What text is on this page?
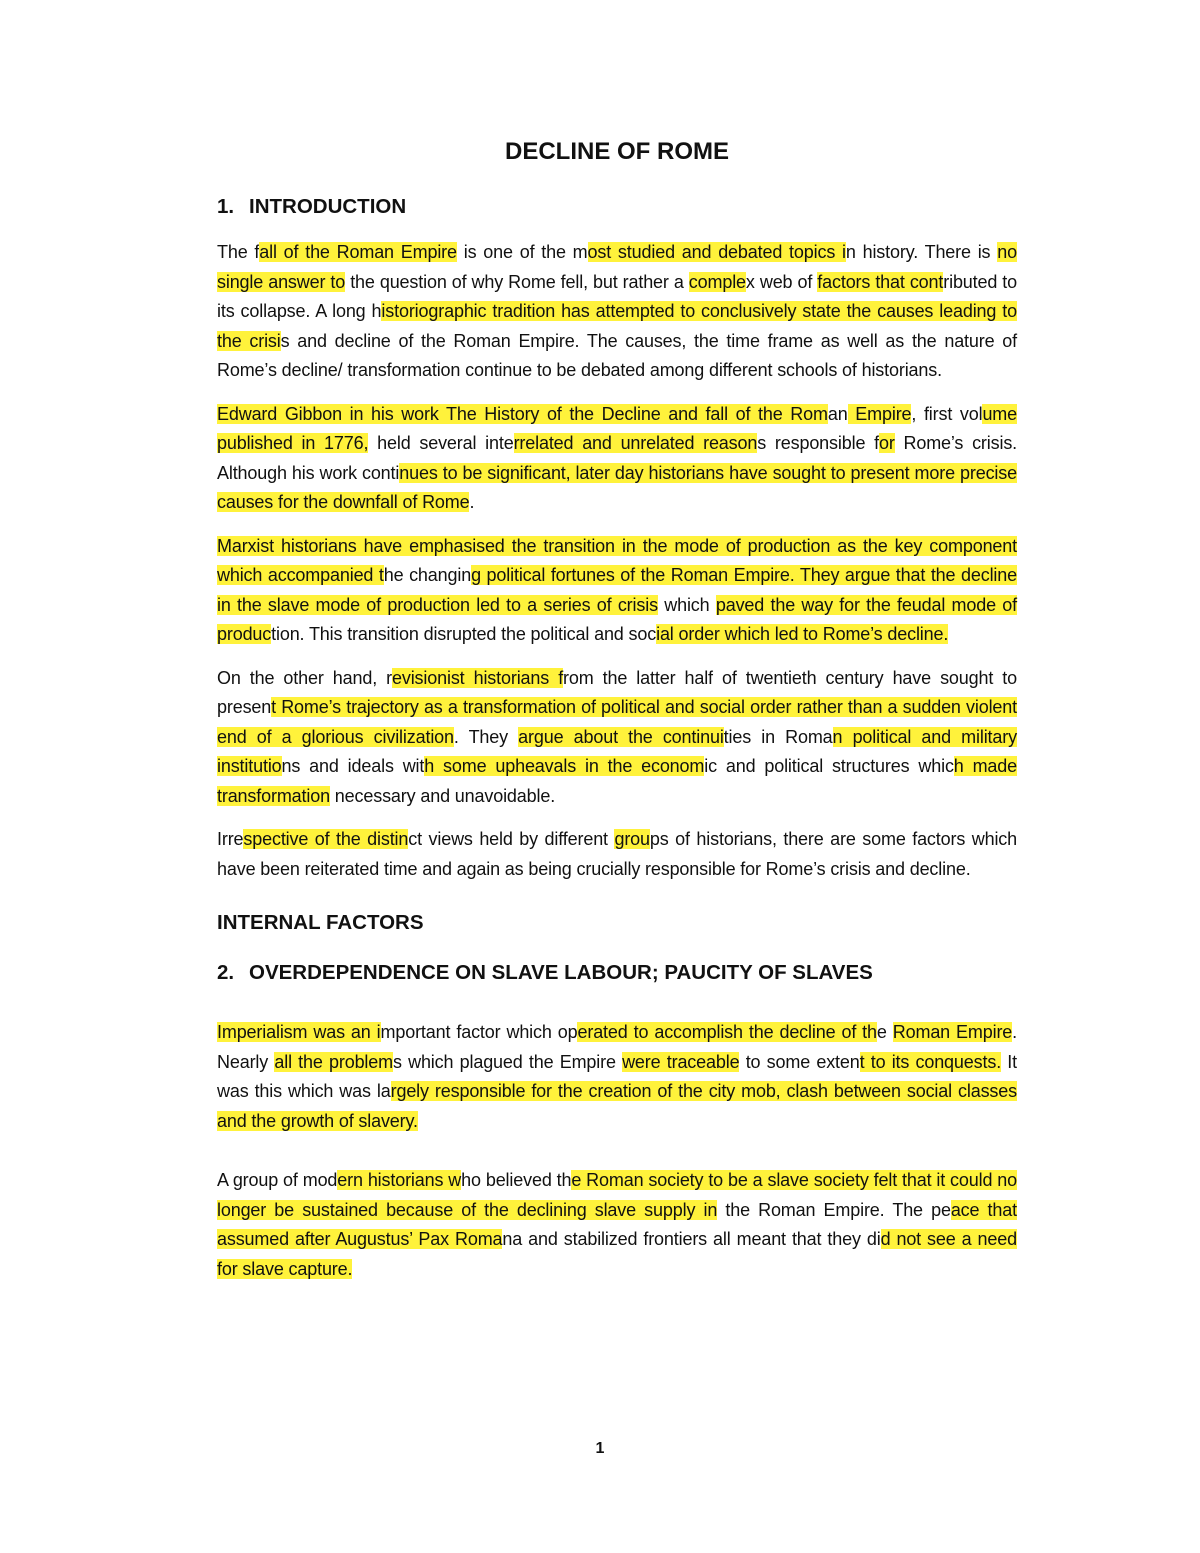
DECLINE OF ROME
1. INTRODUCTION

The fall of the Roman Empire is one of the most studied and debated topics in history. There is no single answer to the question of why Rome fell, but rather a complex web of factors that contributed to its collapse. A long historiographic tradition has attempted to conclusively state the causes leading to the crisis and decline of the Roman Empire. The causes, the time frame as well as the nature of Rome’s decline/ transformation continue to be debated among different schools of historians.

Edward Gibbon in his work The History of the Decline and fall of the Roman Empire, first volume published in 1776, held several interrelated and unrelated reasons responsible for Rome’s crisis. Although his work continues to be significant, later day historians have sought to present more precise causes for the downfall of Rome.

Marxist historians have emphasised the transition in the mode of production as the key component which accompanied the changing political fortunes of the Roman Empire. They argue that the decline in the slave mode of production led to a series of crisis which paved the way for the feudal mode of production. This transition disrupted the political and social order which led to Rome’s decline.

On the other hand, revisionist historians from the latter half of twentieth century have sought to present Rome’s trajectory as a transformation of political and social order rather than a sudden violent end of a glorious civilization. They argue about the continuities in Roman political and military institutions and ideals with some upheavals in the economic and political structures which made transformation necessary and unavoidable.

Irrespective of the distinct views held by different groups of historians, there are some factors which have been reiterated time and again as being crucially responsible for Rome’s crisis and decline.

INTERNAL FACTORS
2. OVERDEPENDENCE ON SLAVE LABOUR; PAUCITY OF SLAVES

Imperialism was an important factor which operated to accomplish the decline of the Roman Empire. Nearly all the problems which plagued the Empire were traceable to some extent to its conquests. It was this which was largely responsible for the creation of the city mob, clash between social classes and the growth of slavery.

A group of modern historians who believed the Roman society to be a slave society felt that it could no longer be sustained because of the declining slave supply in the Roman Empire. The peace that assumed after Augustus’ Pax Romana and stabilized frontiers all meant that they did not see a need for slave capture.

1
